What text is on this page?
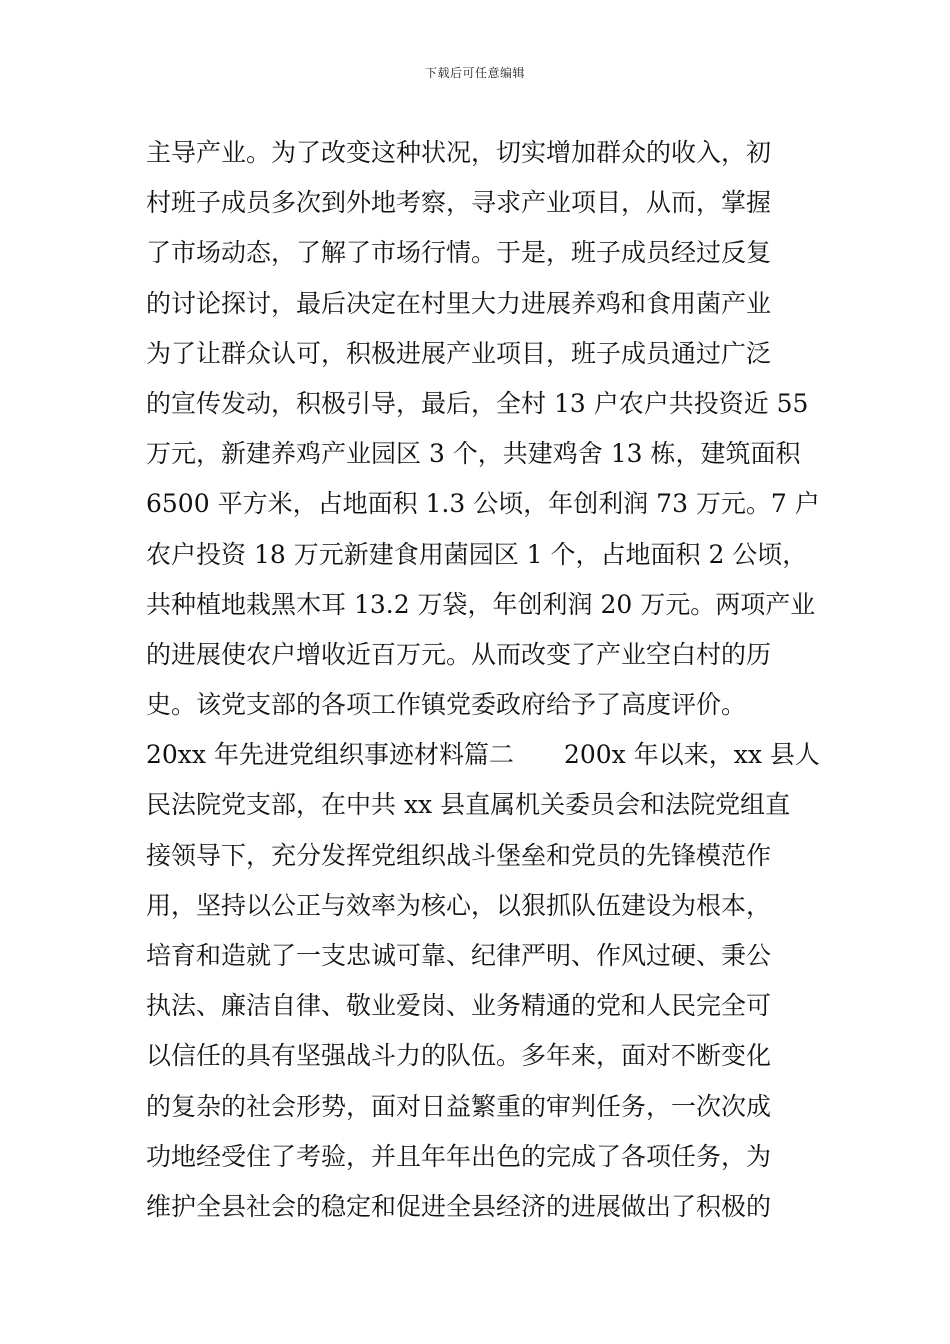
下载后可任意编辑
主导产业。为了改变这种状况，切实增加群众的收入，初
村班子成员多次到外地考察，寻求产业项目，从而，掌握
了市场动态，了解了市场行情。于是，班子成员经过反复
的讨论探讨，最后决定在村里大力进展养鸡和食用菌产业
为了让群众认可，积极进展产业项目，班子成员通过广泛
的宣传发动，积极引导，最后，全村 13 户农户共投资近 55
万元，新建养鸡产业园区 3 个，共建鸡舍 13 栋，建筑面积
6500 平方米，占地面积 1.3 公顷，年创利润 73 万元。7 户
农户投资 18 万元新建食用菌园区 1 个，占地面积 2 公顷，
共种植地栽黑木耳 13.2 万袋，年创利润 20 万元。两项产业
的进展使农户增收近百万元。从而改变了产业空白村的历
史。该党支部的各项工作镇党委政府给予了高度评价。
20xx 年先进党组织事迹材料篇二　　200x 年以来，xx 县人
民法院党支部，在中共 xx 县直属机关委员会和法院党组直
接领导下，充分发挥党组织战斗堡垒和党员的先锋模范作
用，坚持以公正与效率为核心，以狠抓队伍建设为根本，
培育和造就了一支忠诚可靠、纪律严明、作风过硬、秉公
执法、廉洁自律、敬业爱岗、业务精通的党和人民完全可
以信任的具有坚强战斗力的队伍。多年来，面对不断变化
的复杂的社会形势，面对日益繁重的审判任务，一次次成
功地经受住了考验，并且年年出色的完成了各项任务，为
维护全县社会的稳定和促进全县经济的进展做出了积极的
